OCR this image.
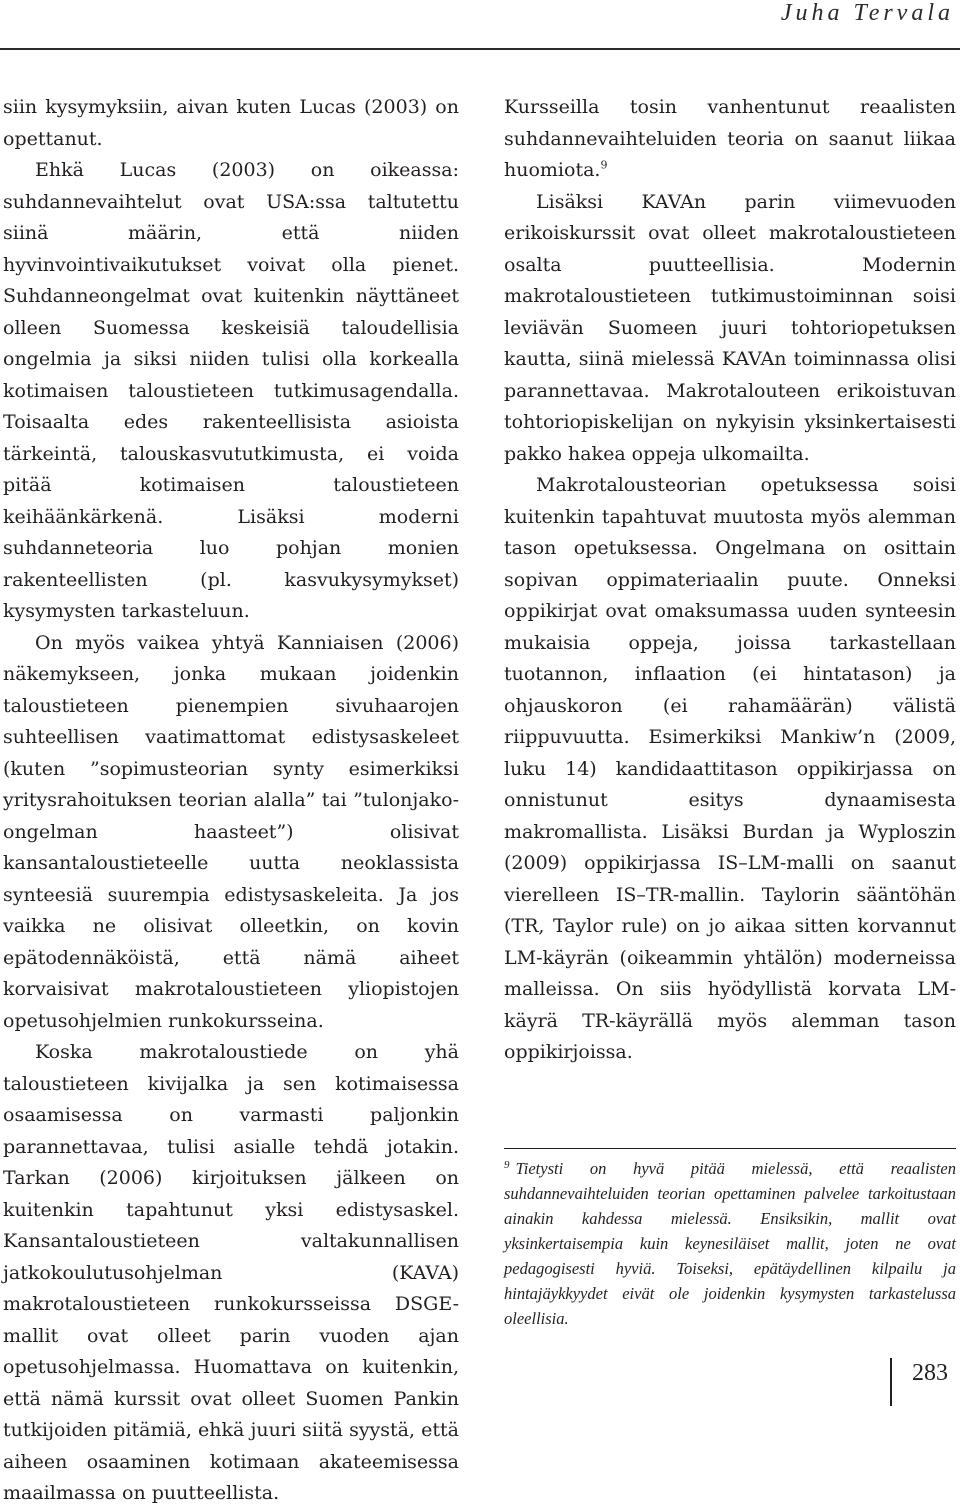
Juha Tervala

siin kysymyksiin, aivan kuten Lucas (2003) on opettanut.

Ehkä Lucas (2003) on oikeassa: suhdannevaihtelut ovat USA:ssa taltutettu siinä määrin, että niiden hyvinvointivaikutukset voivat olla pienet. Suhdanneongelmat ovat kuitenkin näyttäneet olleen Suomessa keskeisiä taloudellisia ongelmia ja siksi niiden tulisi olla korkealla kotimaisen taloustieteen tutkimusagendalla. Toisaalta edes rakenteellisista asioista tärkeintä, talouskasvututkimusta, ei voida pitää kotimaisen taloustieteen keihäänkärkenä. Lisäksi moderni suhdanneteoria luo pohjan monien rakenteellisten (pl. kasvukysymykset) kysymysten tarkasteluun.

On myös vaikea yhtyä Kanniaisen (2006) näkemykseen, jonka mukaan joidenkin taloustieteen pienempien sivuhaarojen suhteellisen vaatimattomat edistysaskeleet (kuten ”sopimusteorian synty esimerkiksi yritysrahoituksen teorian alalla” tai ”tulonjako-ongelman haasteet”) olisivat kansantaloustieteelle uutta neoklassista synteesiä suurempia edistysaskeleita. Ja jos vaikka ne olisivat olleetkin, on kovin epätodennäköistä, että nämä aiheet korvaisivat makrotaloustieteen yliopistojen opetusohjelmien runkokursseina.

Koska makrotaloustiede on yhä taloustieteen kivijalka ja sen kotimaisessa osaamisessa on varmasti paljonkin parannettavaa, tulisi asialle tehdä jotakin. Tarkan (2006) kirjoituksen jälkeen on kuitenkin tapahtunut yksi edistysaskel. Kansantaloustieteen valtakunnallisen jatkokoulutusohjelman (KAVA) makrotaloustieteen runkokursseissa DSGE-mallit ovat olleet parin vuoden ajan opetusohjelmassa. Huomattava on kuitenkin, että nämä kurssit ovat olleet Suomen Pankin tutkijoiden pitämiä, ehkä juuri siitä syystä, että aiheen osaaminen kotimaan akateemisessa maailmassa on puutteellista.

Kursseilla tosin vanhentunut reaalisten suhdannevaihteluiden teoria on saanut liikaa huomiota.$^9$

Lisäksi KAVAn parin viimevuoden erikoiskurssit ovat olleet makrotaloustieteen osalta puutteellisia. Modernin makrotaloustieteen tutkimustoiminnan soisi leviävän Suomeen juuri tohtoriopetuksen kautta, siinä mielessä KAVAn toiminnassa olisi parannettavaa. Makrotalouteen erikoistuvan tohtoriopiskelijan on nykyisin yksinkertaisesti pakko hakea oppeja ulkomailta.

Makrotalousteorian opetuksessa soisi kuitenkin tapahtuvat muutosta myös alemman tason opetuksessa. Ongelmana on osittain sopivan oppimateriaalin puute. Onneksi oppikirjat ovat omaksumassa uuden synteesin mukaisia oppeja, joissa tarkastellaan tuotannon, inflaation (ei hintatason) ja ohjauskoron (ei rahamäärän) välistä riippuvuutta. Esimerkiksi Mankiw’n (2009, luku 14) kandidaattitason oppikirjassa on onnistunut esitys dynaamisesta makromallista. Lisäksi Burdan ja Wyploszin (2009) oppikirjassa IS–LM-malli on saanut vierelleen IS–TR-mallin. Taylorin sääntöhän (TR, Taylor rule) on jo aikaa sitten korvannut LM-käyrän (oikeammin yhtälön) moderneissa malleissa. On siis hyödyllistä korvata LM-käyrä TR-käyrällä myös alemman tason oppikirjoissa.

$^9$ Tietysti on hyvä pitää mielessä, että reaalisten suhdannevaihteluiden teorian opettaminen palvelee tarkoitustaan ainakin kahdessa mielessä. Ensiksikin, mallit ovat yksinkertaisempia kuin keynesiläiset mallit, joten ne ovat pedagogisesti hyviä. Toiseksi, epätäydellinen kilpailu ja hintajäykkyydet eivät ole joidenkin kysymysten tarkastelussa oleellisia.
283
